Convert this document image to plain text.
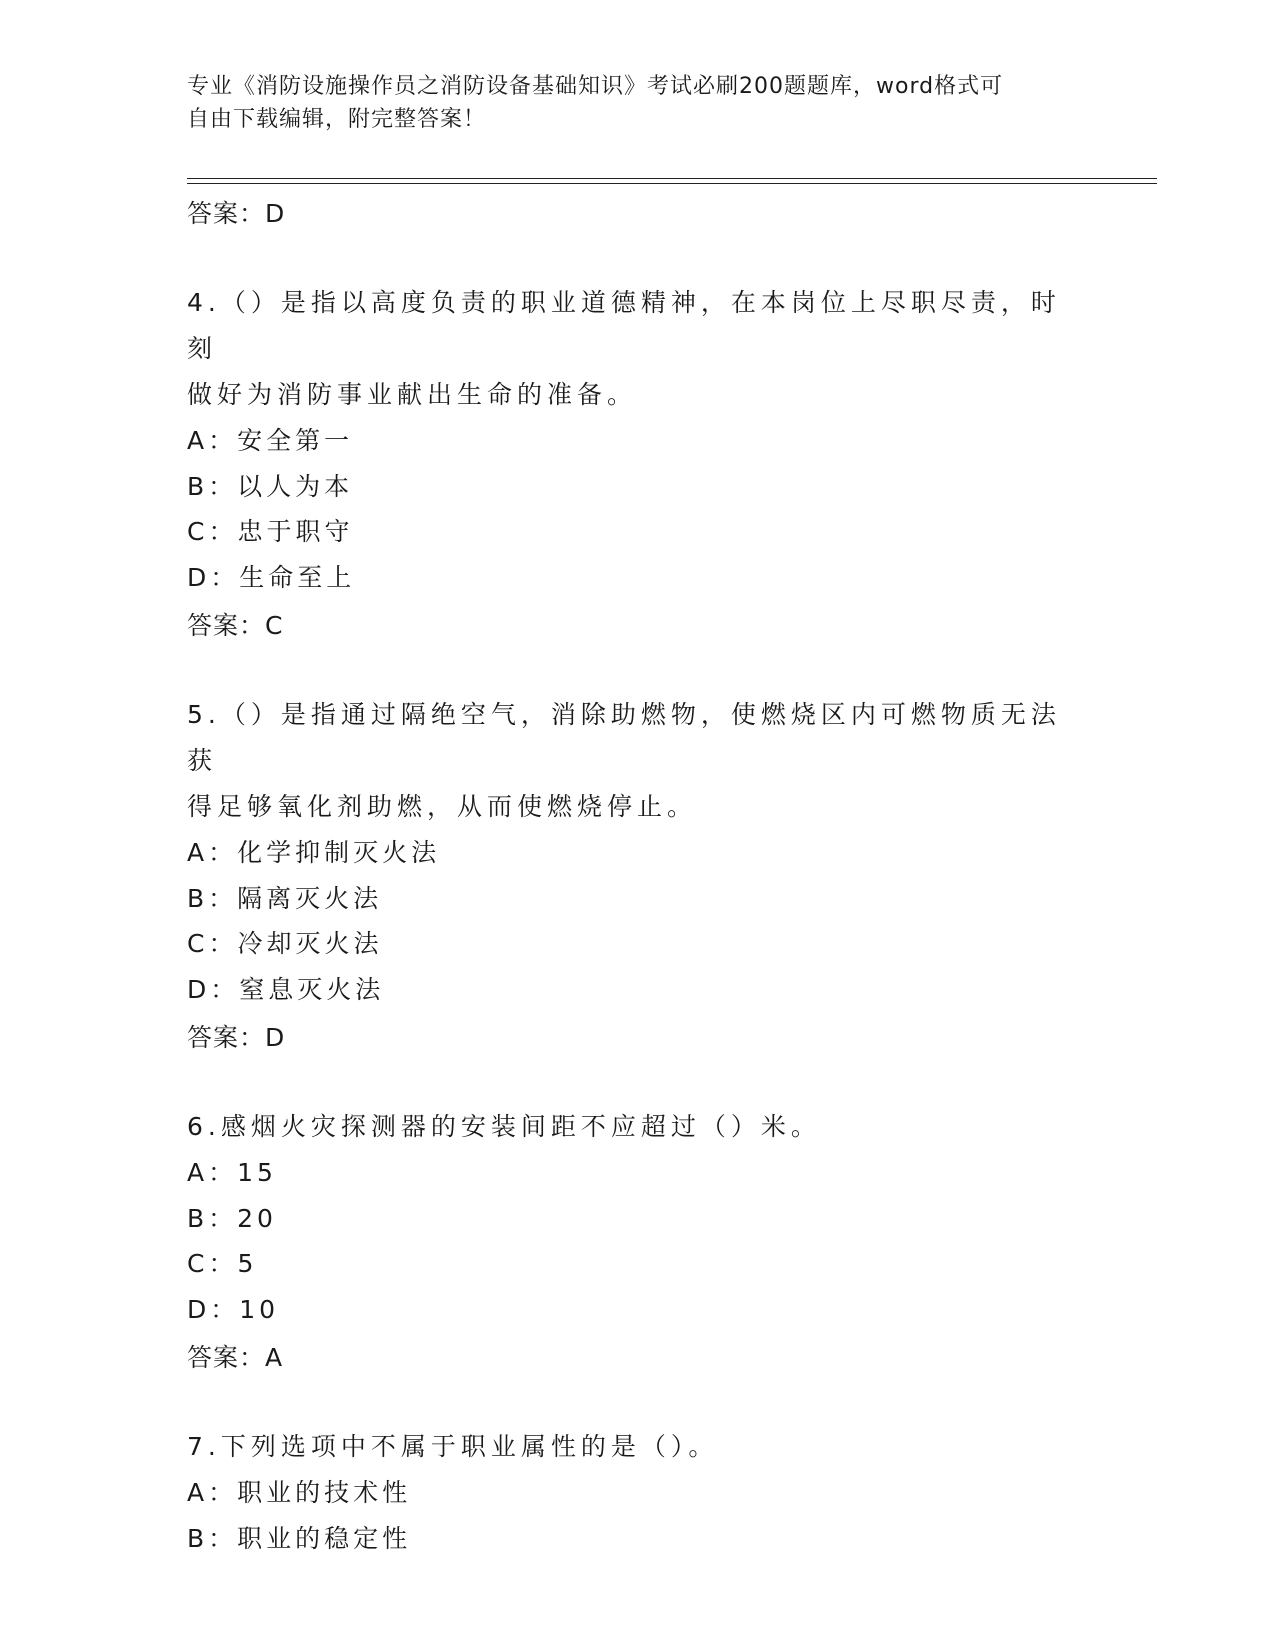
专业《消防设施操作员之消防设备基础知识》考试必刷200题题库，word格式可
自由下载编辑，附完整答案！

答案：D

4.（）是指以高度负责的职业道德精神，在本岗位上尽职尽责，时刻

做好为消防事业献出生命的准备。

A：安全第一

B：以人为本

C：忠于职守

D：生命至上

答案：C

5.（）是指通过隔绝空气，消除助燃物，使燃烧区内可燃物质无法获

得足够氧化剂助燃，从而使燃烧停止。

A：化学抑制灭火法

B：隔离灭火法

C：冷却灭火法

D：窒息灭火法

答案：D

6.感烟火灾探测器的安装间距不应超过（）米。

A：15

B：20

C：5

D：10

答案：A

7.下列选项中不属于职业属性的是（）。

A：职业的技术性

B：职业的稳定性
